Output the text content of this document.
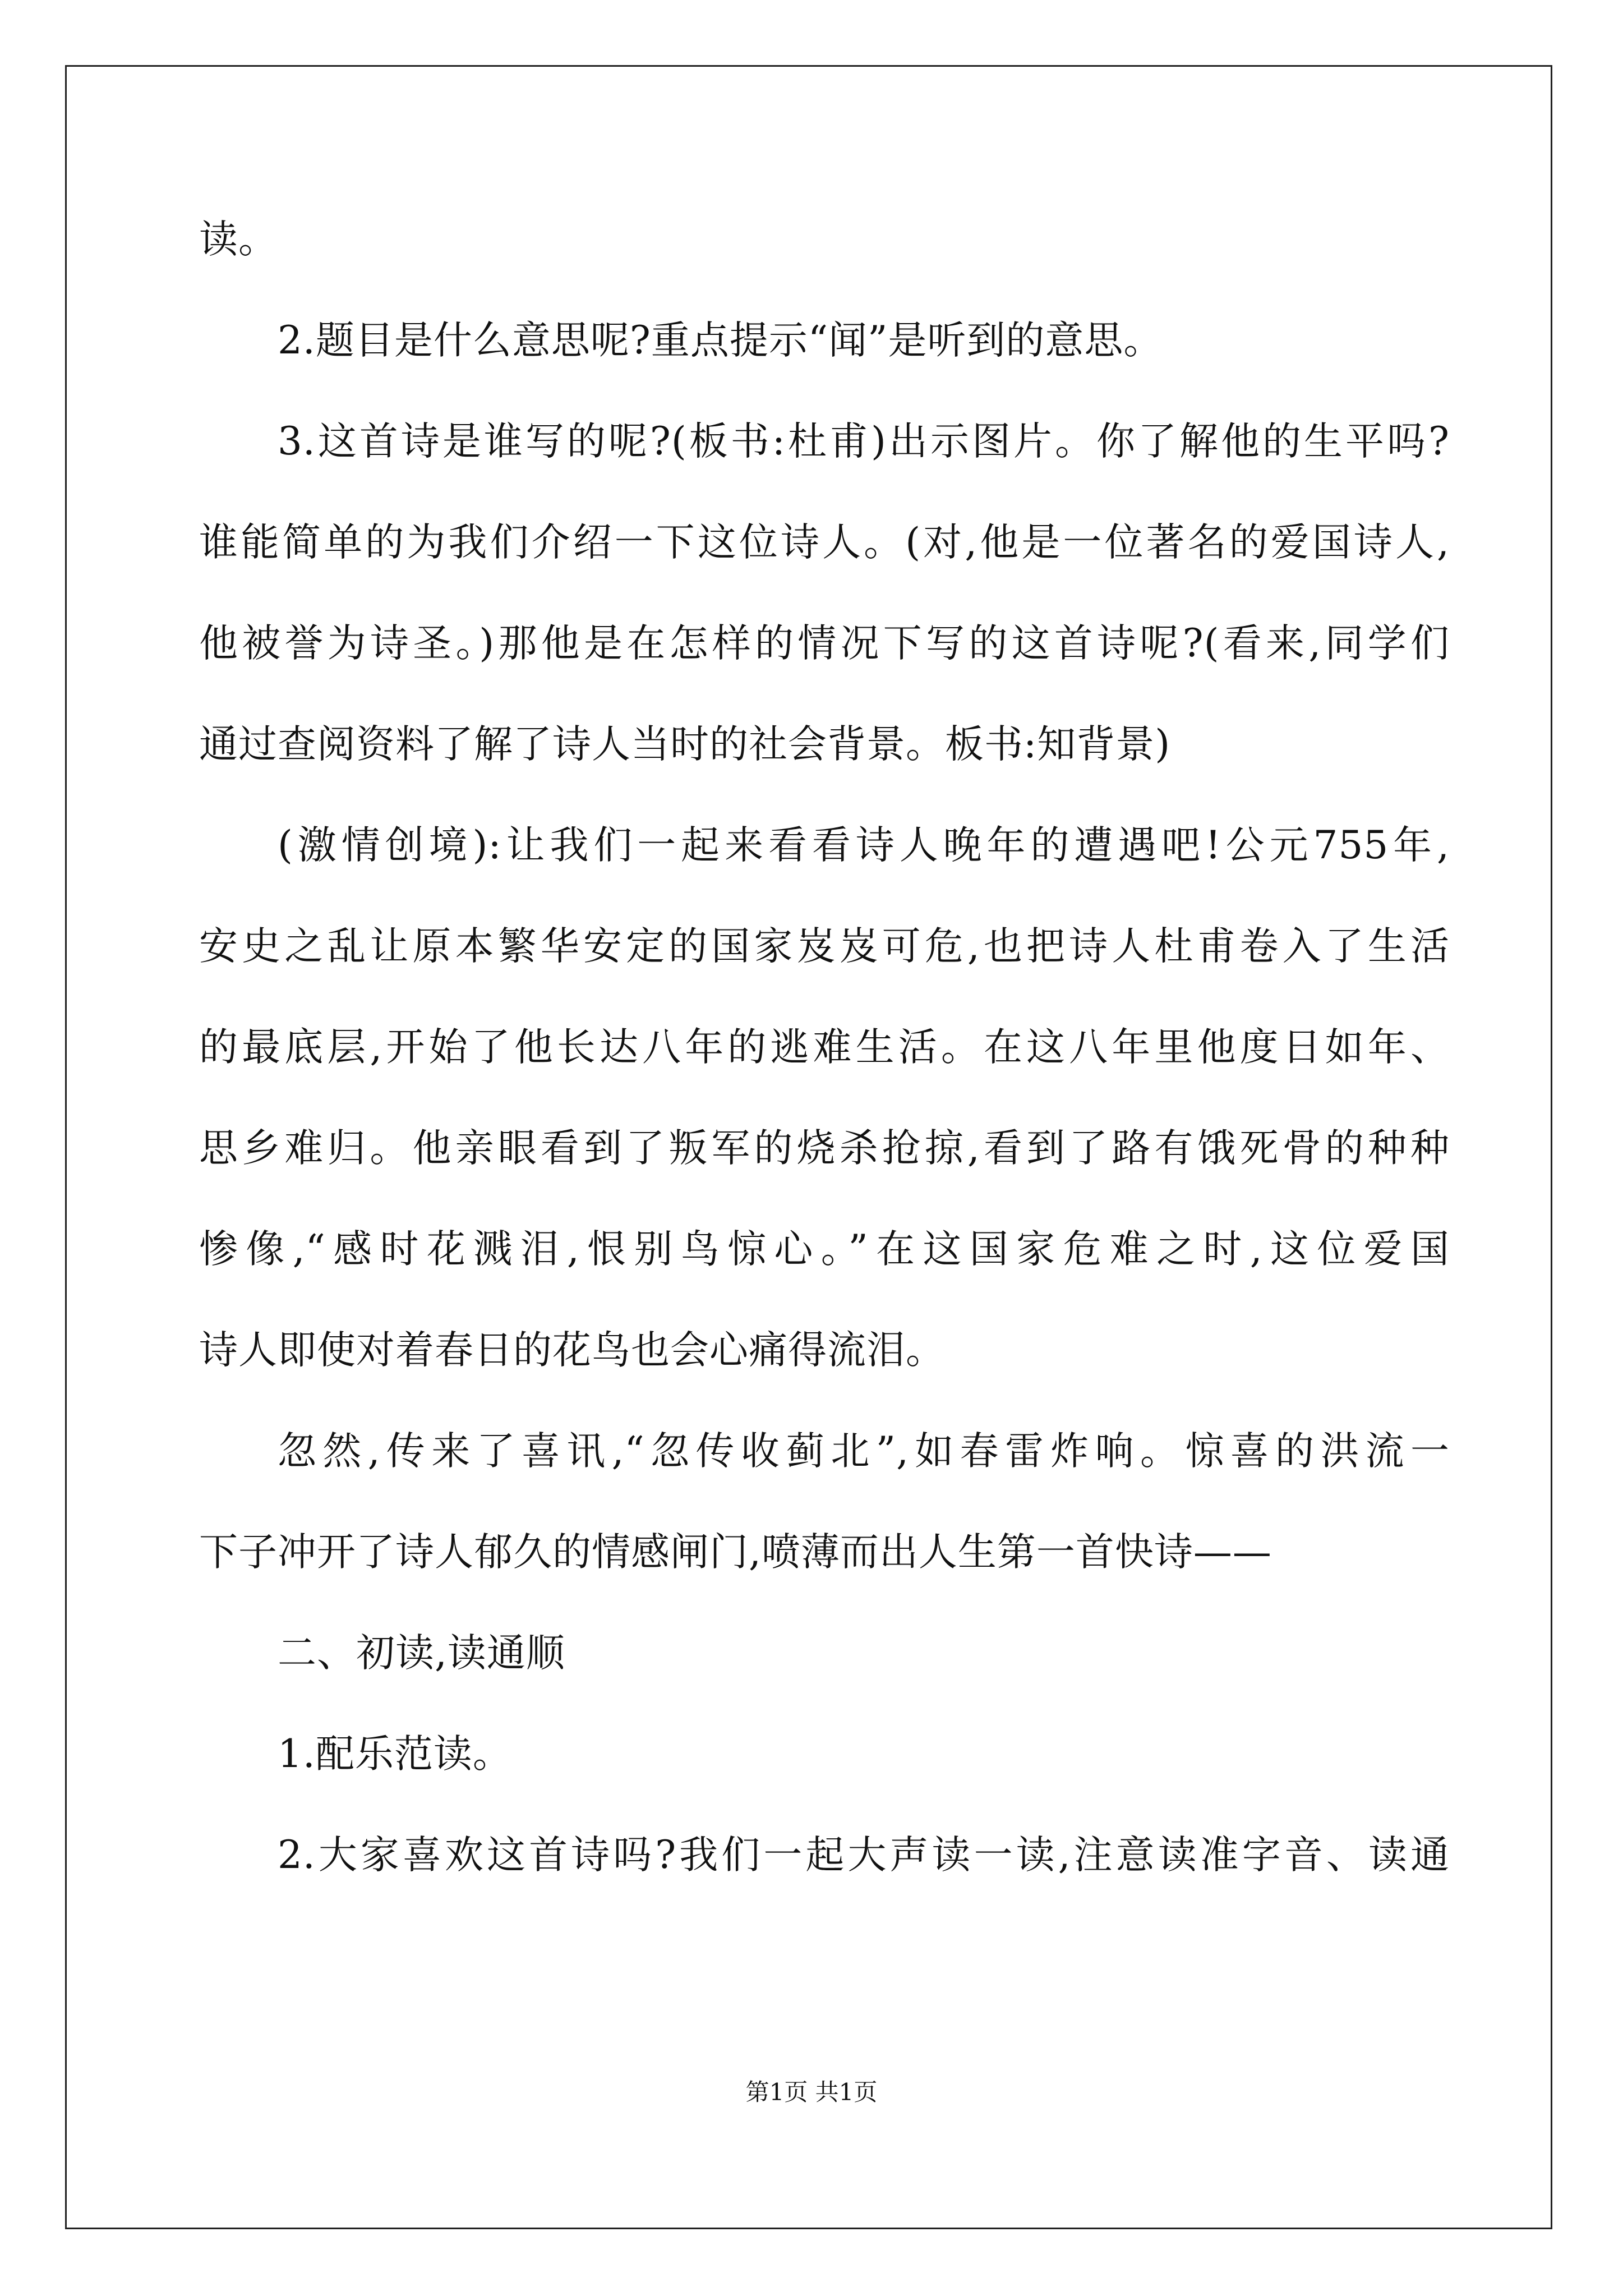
读。
2.题目是什么意思呢?重点提示“闻”是听到的意思。
3.这首诗是谁写的呢?(板书:杜甫)出示图片。你了解他的生平吗?
谁能简单的为我们介绍一下这位诗人。(对,他是一位著名的爱国诗人,
他被誉为诗圣。)那他是在怎样的情况下写的这首诗呢?(看来,同学们
通过查阅资料了解了诗人当时的社会背景。板书:知背景)
(激情创境):让我们一起来看看诗人晚年的遭遇吧!公元755年,
安史之乱让原本繁华安定的国家岌岌可危,也把诗人杜甫卷入了生活
的最底层,开始了他长达八年的逃难生活。在这八年里他度日如年、
思乡难归。他亲眼看到了叛军的烧杀抢掠,看到了路有饿死骨的种种
惨像,“感时花溅泪,恨别鸟惊心。”在这国家危难之时,这位爱国
诗人即使对着春日的花鸟也会心痛得流泪。
忽然,传来了喜讯,“忽传收蓟北”,如春雷炸响。惊喜的洪流一
下子冲开了诗人郁久的情感闸门,喷薄而出人生第一首快诗——
二、初读,读通顺
1.配乐范读。
2.大家喜欢这首诗吗?我们一起大声读一读,注意读准字音、读通
第1页 共1页
